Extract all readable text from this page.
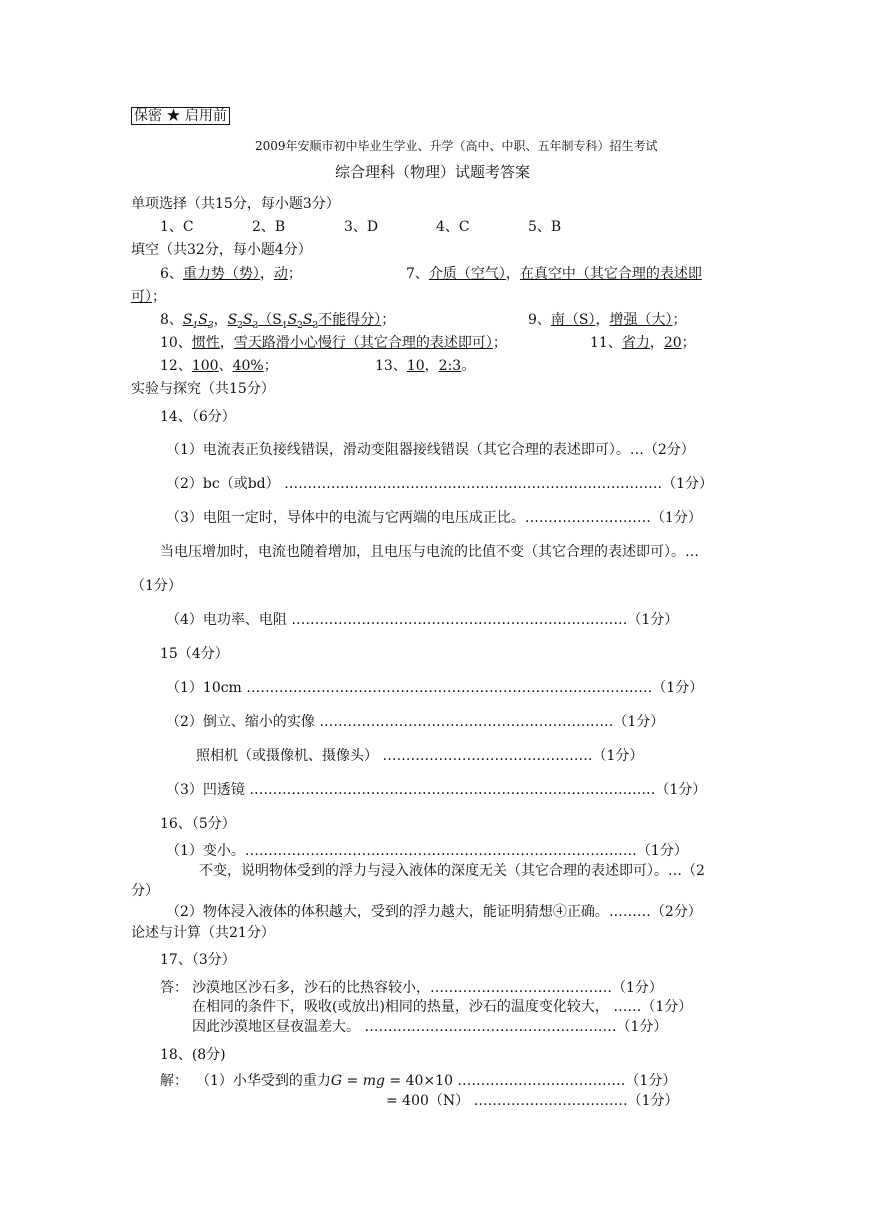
保密 ★ 启用前
2009年安顺市初中毕业生学业、升学（高中、中职、五年制专科）招生考试
综合理科（物理）试题考答案
单项选择（共15分，每小题3分）
1、C	2、B	3、D	4、C	5、B
填空（共32分，每小题4分）
6、重力势（势），动；	7、介质（空气），在真空中（其它合理的表述即
可）；
8、$S_1S_3$，$S_2S_3(S_1S_2S_3$不能得分）；	9、南（S），增强（大）；
10、惯性，雪天路滑小心慢行（其它合理的表述即可）；	11、省力，20；
12、100、40%；	13、10，2:3。
实验与探究（共15分）
14、（6分）
（1）电流表正负接线错误，滑动变阻器接线错误（其它合理的表述即可）。…（2分）
（2）bc（或bd） ………………………………………………………………………（1分）
（3）电阻一定时，导体中的电流与它两端的电压成正比。………………………（1分）
当电压增加时，电流也随着增加，且电压与电流的比值不变（其它合理的表述即可）。…
（1分）
（4）电功率、电阻 ………………………………………………………………（1分）
15（4分）
（1）10cm ……………………………………………………………………………（1分）
（2）倒立、缩小的实像 ………………………………………………………（1分）
照相机（或摄像机、摄像头） ………………………………………（1分）
（3）凹透镜 ……………………………………………………………………………（1分）
16、（5分）
（1）变小。…………………………………………………………………………（1分）
不变，说明物体受到的浮力与浸入液体的深度无关（其它合理的表述即可）。…（2
分）
（2）物体浸入液体的体积越大，受到的浮力越大，能证明猜想④正确。………（2分）
论述与计算（共21分）
17、（3分）
答： 沙漠地区沙石多，沙石的比热容较小，…………………………………（1分）
在相同的条件下，吸收(或放出)相同的热量，沙石的温度变化较大， ……（1分）
因此沙漠地区昼夜温差大。 ………………………………………………（1分）
18、(8分)
解： （1）小华受到的重力G = mg = 40×10 ………………………………（1分）
= 400（N） ……………………………（1分）
